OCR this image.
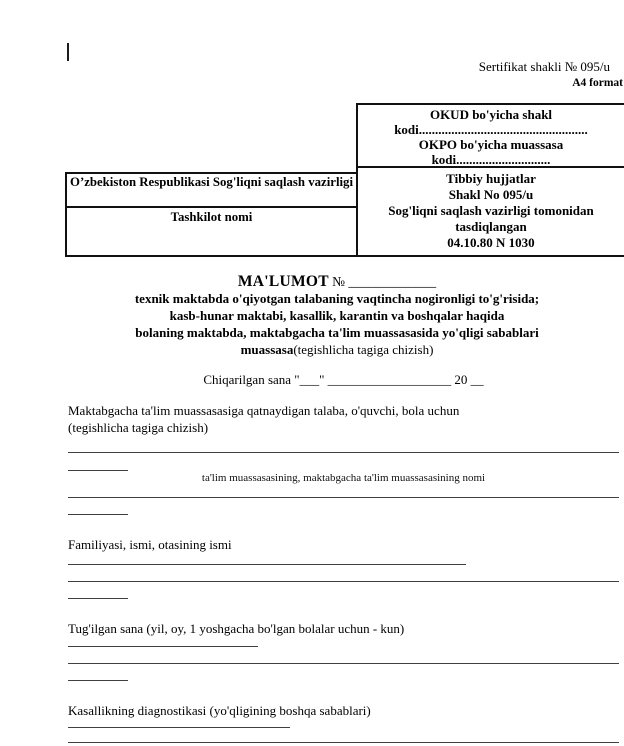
Sertifikat shakli № 095/u
A4 format
OKUD bo'yicha shakl
kodi....................................................
OKPO bo'yicha muassasa
kodi.............................
Tibbiy hujjatlar
Shakl No 095/u
Sog'liqni saqlash vazirligi tomonidan tasdiqlangan
04.10.80 N 1030
O’zbekiston Respublikasi Sog'liqni saqlash vazirligi
Tashkilot nomi
MA'LUMOT № _____________
texnik maktabda o'qiyotgan talabaning vaqtincha nogironligi to'g'risida;
kasb-hunar maktabi, kasallik, karantin va boshqalar haqida
bolaning maktabda, maktabgacha ta'lim muassasasida yo'qligi sabablari
muassasa(tegishlicha tagiga chizish)
Chiqarilgan sana "___" ___________________ 20 __
Maktabgacha ta'lim muassasasiga qatnaydigan talaba, o'quvchi, bola uchun
(tegishlicha tagiga chizish)
ta'lim muassasasining, maktabgacha ta'lim muassasasining nomi
Familiyasi, ismi, otasining ismi
Tug'ilgan sana (yil, oy, 1 yoshgacha bo'lgan bolalar uchun - kun)
Kasallikning diagnostikasi (yo'qligining boshqa sabablari)
